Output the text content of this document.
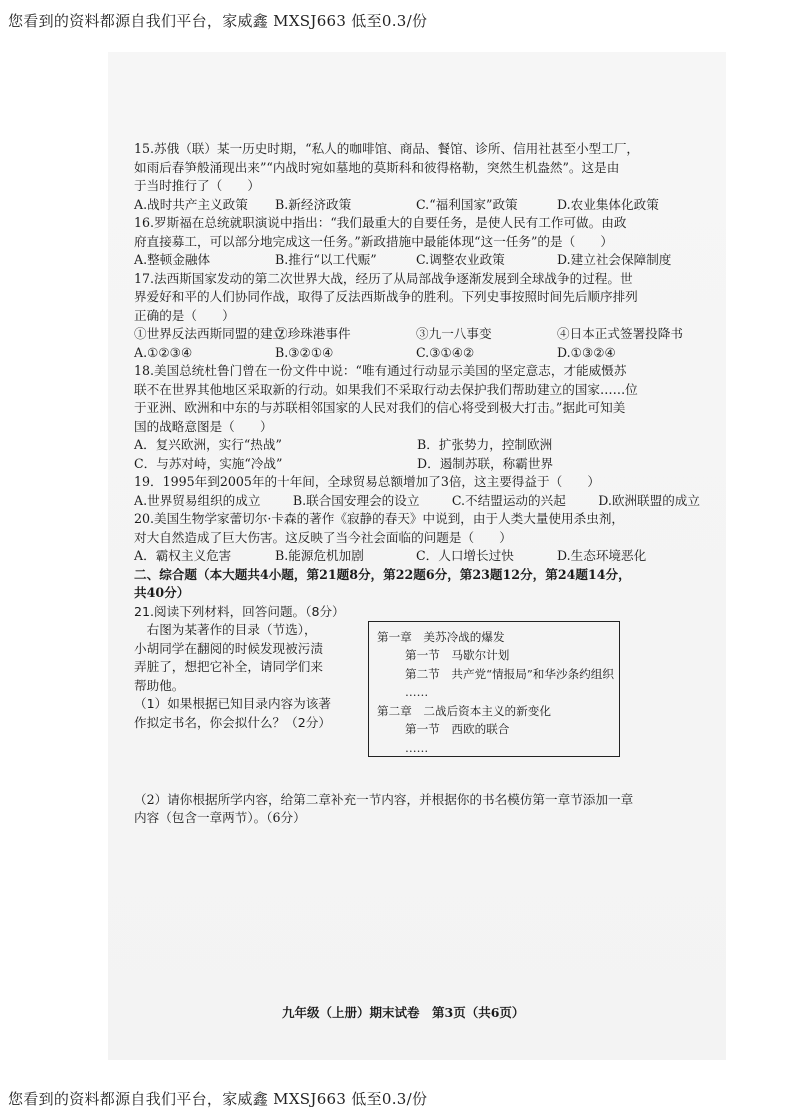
您看到的资料都源自我们平台，家威鑫 MXSJ663 低至0.3/份
15.苏俄（联）某一历史时期，“私人的咖啡馆、商品、餐馆、诊所、信用社甚至小型工厂，
如雨后春笋般涌现出来”“内战时宛如墓地的莫斯科和彼得格勒，突然生机盎然”。这是由
于当时推行了（　　）
A.战时共产主义政策	B.新经济政策	C.“福利国家”政策	D.农业集体化政策
16.罗斯福在总统就职演说中指出：“我们最重大的自要任务，是使人民有工作可做。由政
府直接募工，可以部分地完成这一任务。”新政措施中最能体现“这一任务”的是（　　）
A.整顿金融体	B.推行“以工代赈”	C.调整农业政策	D.建立社会保障制度
17.法西斯国家发动的第二次世界大战，经历了从局部战争逐渐发展到全球战争的过程。世
界爱好和平的人们协同作战，取得了反法西斯战争的胜利。下列史事按照时间先后顺序排列
正确的是（　　）
①世界反法西斯同盟的建立
②珍珠港事件	③九一八事变	④日本正式签署投降书
A.①②③④	B.③②①④	C.③①④②	D.①③②④
18.美国总统杜鲁门曾在一份文件中说：“唯有通过行动显示美国的坚定意志，才能威慑苏
联不在世界其他地区采取新的行动。如果我们不采取行动去保护我们帮助建立的国家……位
于亚洲、欧洲和中东的与苏联相邻国家的人民对我们的信心将受到极大打击。”据此可知美
国的战略意图是（　　）
A．复兴欧洲，实行“热战”	B．扩张势力，控制欧洲
C．与苏对峙，实施“冷战”	D．遏制苏联，称霸世界
19．1995年到2005年的十年间，全球贸易总额增加了3倍，这主要得益于（　　）
A.世界贸易组织的成立	B.联合国安理会的设立	C.不结盟运动的兴起	D.欧洲联盟的成立
20.美国生物学家蕾切尔·卡森的著作《寂静的春天》中说到，由于人类大量使用杀虫剂，
对大自然造成了巨大伤害。这反映了当今社会面临的问题是（　　）
A．霸权主义危害	B.能源危机加剧	C．人口增长过快	D.生态环境恶化
二、综合题（本大题共4小题，第21题8分，第22题6分，第23题12分，第24题14分，
共40分）
21.阅读下列材料，回答问题。（8分）
　右图为某著作的目录（节选），
小胡同学在翻阅的时候发现被污渍
弄脏了，想把它补全，请同学们来
帮助他。
（1）如果根据已知目录内容为该著
作拟定书名，你会拟什么？（2分）
第一章　美苏冷战的爆发
第一节　马歇尔计划
第二节　共产党“情报局”和华沙条约组织
……
第二章　二战后资本主义的新变化
第一节　西欧的联合
……
（2）请你根据所学内容，给第二章补充一节内容，并根据你的书名模仿第一章节添加一章
内容（包含一章两节）。（6分）
九年级（上册）期末试卷　第3页（共6页）
您看到的资料都源自我们平台，家威鑫 MXSJ663 低至0.3/份
